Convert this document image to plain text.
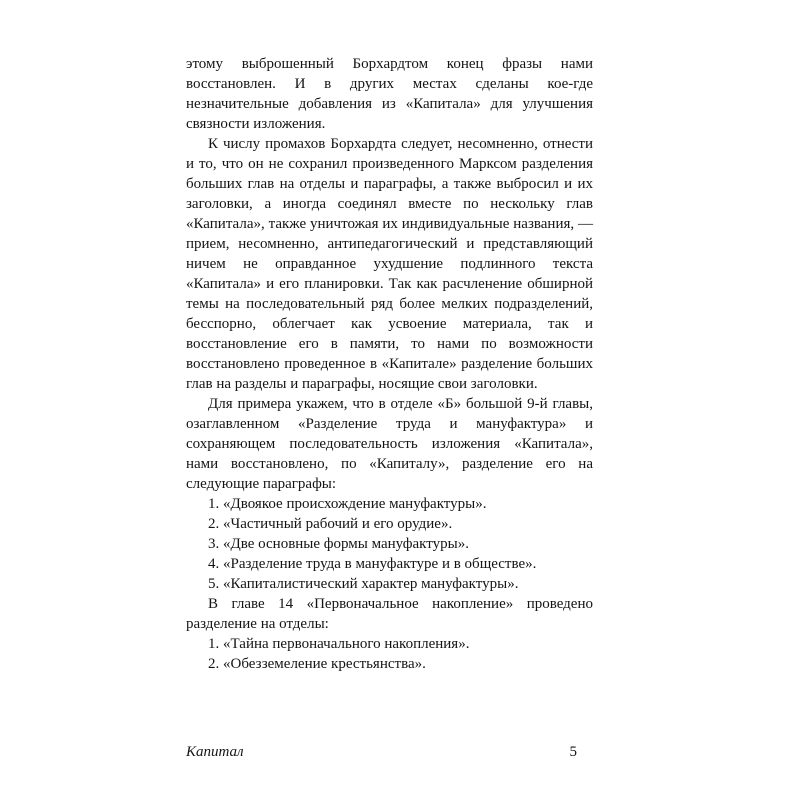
этому выброшенный Борхардтом конец фразы нами восстановлен. И в других местах сделаны кое-где незначительные добавления из «Капитала» для улучшения связности изложения.

К числу промахов Борхардта следует, несомненно, отнести и то, что он не сохранил произведенного Марксом разделения больших глав на отделы и параграфы, а также выбросил и их заголовки, а иногда соединял вместе по нескольку глав «Капитала», также уничтожая их индивидуальные названия, — прием, несомненно, антипедагогический и представляющий ничем не оправданное ухудшение подлинного текста «Капитала» и его планировки. Так как расчленение обширной темы на последовательный ряд более мелких подразделений, бесспорно, облегчает как усвоение материала, так и восстановление его в памяти, то нами по возможности восстановлено проведенное в «Капитале» разделение больших глав на разделы и параграфы, носящие свои заголовки.

Для примера укажем, что в отделе «Б» большой 9-й главы, озаглавленном «Разделение труда и мануфактура» и сохраняющем последовательность изложения «Капитала», нами восстановлено, по «Капиталу», разделение его на следующие параграфы:

1. «Двоякое происхождение мануфактуры».

2. «Частичный рабочий и его орудие».

3. «Две основные формы мануфактуры».

4. «Разделение труда в мануфактуре и в обществе».

5. «Капиталистический характер мануфактуры».

В главе 14 «Первоначальное накопление» проведено разделение на отделы:

1. «Тайна первоначального накопления».

2. «Обезземеление крестьянства».

Капитал	5
